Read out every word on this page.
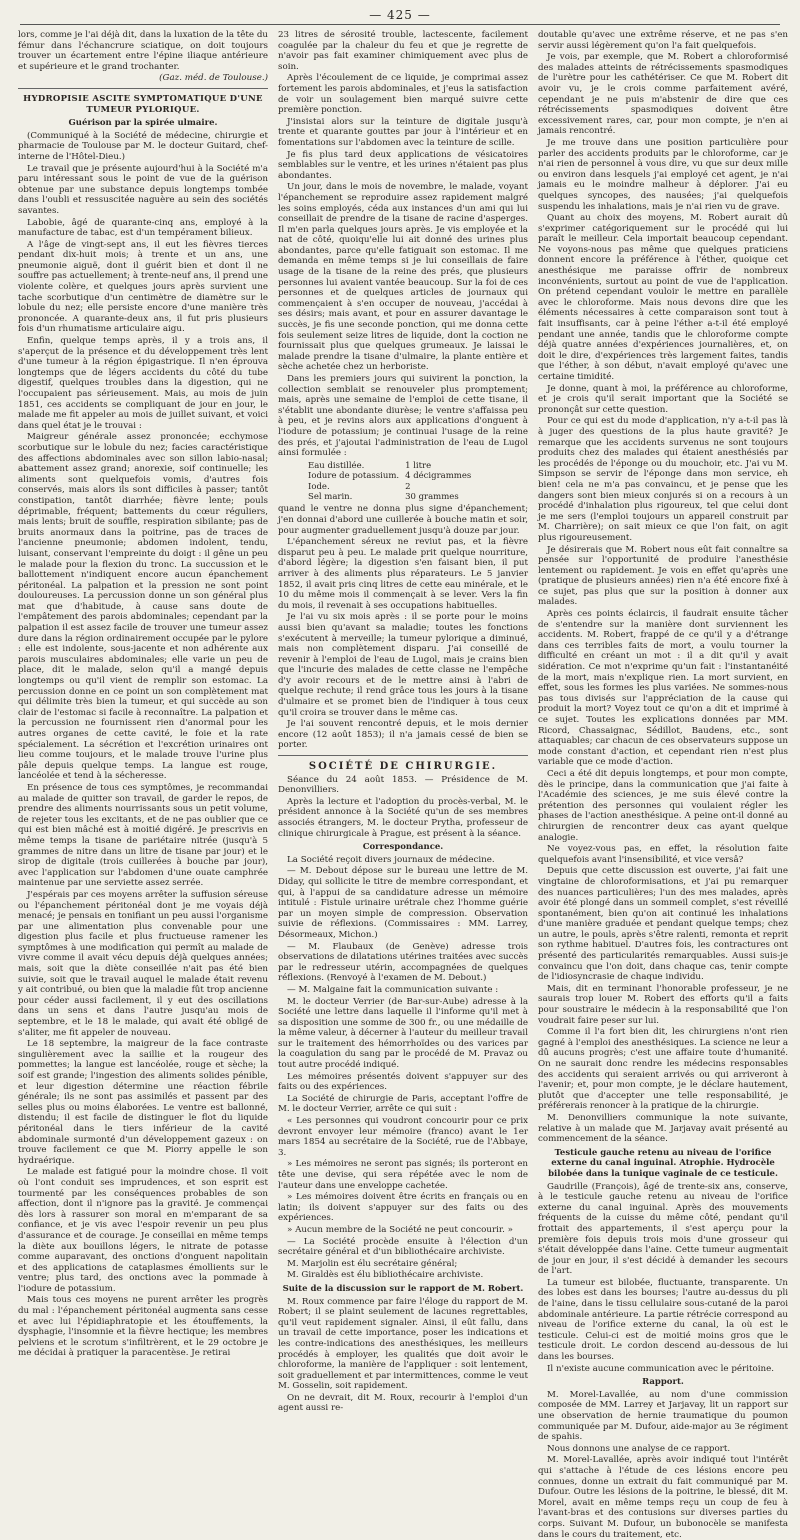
— 425 —

lors, comme je l'ai déjà dit, dans la luxation de la tête du fémur dans l'échancrure sciatique, on doit toujours trouver un écartement entre l'épine iliaque antérieure et supérieure et le grand trochanter.

(Gaz. méd. de Toulouse.)
HYDROPISIE ASCITE SYMPTOMATIQUE D'UNE TUMEUR PYLORIQUE.
Guérison par la spirée ulmaire.

(Communiqué à la Société de médecine, chirurgie et pharmacie de Toulouse par M. le docteur Guitard, chef-interne de l'Hôtel-Dieu.)

Le travail que je présente aujourd'hui à la Société m'a paru intéressant sous le point de vue de la guérison obtenue par une substance depuis longtemps tombée dans l'oubli et ressuscitée naguère au sein des sociétés savantes.

Labobie, âgé de quarante-cinq ans, employé à la manufacture de tabac, est d'un tempérament bilieux.

A l'âge de vingt-sept ans, il eut les fièvres tierces pendant dix-huit mois; à trente et un ans, une pneumonie aiguë, dont il guérit bien et dont il ne souffre pas actuellement; à trente-neuf ans, il prend une violente colère, et quelques jours après survient une tache scorbutique d'un centimètre de diamètre sur le lobule du nez; elle persiste encore d'une manière très prononcée. A quarante-deux ans, il fut pris plusieurs fois d'un rhumatisme articulaire aigu.

Enfin, quelque temps après, il y a trois ans, il s'aperçut de la présence et du développement très lent d'une tumeur à la région épigastrique. Il n'en éprouva longtemps que de légers accidents du côté du tube digestif, quelques troubles dans la digestion, qui ne l'occupaient pas sérieusement. Mais, au mois de juin 1851, ces accidents se compliquant de jour en jour, le malade me fit appeler au mois de juillet suivant, et voici dans quel état je le trouvai :

Maigreur générale assez prononcée; ecchymose scorbutique sur le lobule du nez; facies caractéristique des affections abdominales avec son sillon labio-nasal; abattement assez grand; anorexie, soif continuelle; les aliments sont quelquefois vomis, d'autres fois conservés, mais alors ils sont difficiles à passer; tantôt constipation, tantôt diarrhée; fièvre lente; pouls déprimable, fréquent; battements du cœur réguliers, mais lents; bruit de souffle, respiration sibilante; pas de bruits anormaux dans la poitrine, pas de traces de l'ancienne pneumonie; abdomen indolent, tendu, luisant, conservant l'empreinte du doigt : il gêne un peu le malade pour la flexion du tronc. La succussion et le ballottement n'indiquent encore aucun épanchement péritonéal. La palpation et la pression ne sont point douloureuses. La percussion donne un son général plus mat que d'habitude, à cause sans doute de l'empâtement des parois abdominales; cependant par la palpation il est assez facile de trouver une tumeur assez dure dans la région ordinairement occupée par le pylore : elle est indolente, sous-jacente et non adhérente aux parois musculaires abdominales; elle varie un peu de place, dit le malade, selon qu'il a mangé depuis longtemps ou qu'il vient de remplir son estomac. La percussion donne en ce point un son complètement mat qui délimite très bien la tumeur, et qui succède au son clair de l'estomac si facile à reconnaître. La palpation et la percussion ne fournissent rien d'anormal pour les autres organes de cette cavité, le foie et la rate spécialement. La sécrétion et l'excrétion urinaires ont lieu comme toujours, et le malade trouve l'urine plus pâle depuis quelque temps. La langue est rouge, lancéolée et tend à la sécheresse.

En présence de tous ces symptômes, je recommandai au malade de quitter son travail, de garder le repos, de prendre des aliments nourrissants sous un petit volume, de rejeter tous les excitants, et de ne pas oublier que ce qui est bien mâché est à moitié digéré. Je prescrivis en même temps la tisane de pariétaire nitrée (jusqu'à 5 grammes de nitre dans un litre de tisane par jour) et le sirop de digitale (trois cuillerées à bouche par jour), avec l'application sur l'abdomen d'une ouate camphrée maintenue par une serviette assez serrée.

J'espérais par ces moyens arrêter la suffusion séreuse ou l'épanchement péritonéal dont je me voyais déjà menacé; je pensais en tonifiant un peu aussi l'organisme par une alimentation plus convenable pour une digestion plus facile et plus fructueuse ramener les symptômes à une modification qui permît au malade de vivre comme il avait vécu depuis déjà quelques années; mais, soit que la diète conseillée n'ait pas été bien suivie, soit que le travail auquel le malade était revenu y ait contribué, ou bien que la maladie fût trop ancienne pour céder aussi facilement, il y eut des oscillations dans un sens et dans l'autre jusqu'au mois de septembre, et le 18 le malade, qui avait été obligé de s'aliter, me fit appeler de nouveau.

Le 18 septembre, la maigreur de la face contraste singulièrement avec la saillie et la rougeur des pommettes; la langue est lancéolée, rouge et sèche; la soif est grande; l'ingestion des aliments solides pénible, et leur digestion détermine une réaction fébrile générale; ils ne sont pas assimilés et passent par des selles plus ou moins élaborées. Le ventre est ballonné, distendu; il est facile de distinguer le flot du liquide péritonéal dans le tiers inférieur de la cavité abdominale surmonté d'un développement gazeux : on trouve facilement ce que M. Piorry appelle le son hydraérique.

Le malade est fatigué pour la moindre chose. Il voit où l'ont conduit ses imprudences, et son esprit est tourmenté par les conséquences probables de son affection, dont il n'ignore pas la gravité. Je commençai dès lors à rassurer son moral en m'emparant de sa confiance, et je vis avec l'espoir revenir un peu plus d'assurance et de courage. Je conseillai en même temps la diète aux bouillons légers, le nitrate de potasse comme auparavant, des onctions d'onguent napolitain et des applications de cataplasmes émollients sur le ventre; plus tard, des onctions avec la pommade à l'iodure de potassium.

Mais tous ces moyens ne purent arrêter les progrès du mal : l'épanchement péritonéal augmenta sans cesse et avec lui l'épidiaphratopie et les étouffements, la dysphagie, l'insomnie et la fièvre hectique; les membres pelviens et le scrotum s'infiltrèrent, et le 29 octobre je me décidai à pratiquer la paracentèse. Je retirai

23 litres de sérosité trouble, lactescente, facilement coagulée par la chaleur du feu et que je regrette de n'avoir pas fait examiner chimiquement avec plus de soin.

Après l'écoulement de ce liquide, je comprimai assez fortement les parois abdominales, et j'eus la satisfaction de voir un soulagement bien marqué suivre cette première ponction.

J'insistai alors sur la teinture de digitale jusqu'à trente et quarante gouttes par jour à l'intérieur et en fomentations sur l'abdomen avec la teinture de scille.

Je fis plus tard deux applications de vésicatoires semblables sur le ventre, et les urines n'étaient pas plus abondantes.

Un jour, dans le mois de novembre, le malade, voyant l'épanchement se reproduire assez rapidement malgré les soins employés, céda aux instances d'un ami qui lui conseillait de prendre de la tisane de racine d'asperges. Il m'en parla quelques jours après. Je vis employée et la nat de côté, quoiqu'elle lui ait donné des urines plus abondantes, parce qu'elle fatiguait son estomac. Il me demanda en même temps si je lui conseillais de faire usage de la tisane de la reine des prés, que plusieurs personnes lui avaient vantée beaucoup. Sur la foi de ces personnes et de quelques articles de journaux qui commençaient à s'en occuper de nouveau, j'accédai à ses désirs; mais avant, et pour en assurer davantage le succès, je fis une seconde ponction, qui me donna cette fois seulement seize litres de liquide, dont la coction ne fournissait plus que quelques grumeaux. Je laissai le malade prendre la tisane d'ulmaire, la plante entière et sèche achetée chez un herboriste.

Dans les premiers jours qui suivirent la ponction, la collection semblait se renouveler plus promptement; mais, après une semaine de l'emploi de cette tisane, il s'établit une abondante diurèse; le ventre s'affaissa peu à peu, et je revins alors aux applications d'onguent à l'iodure de potassium; je continuai l'usage de la reine des prés, et j'ajoutai l'administration de l'eau de Lugol ainsi formulée :

Eau distillée.	1 litre
Iodure de potassium.	4 décigrammes
Iode.	2
Sel marin.	30 grammes

quand le ventre ne donna plus signe d'épanchement; j'en donnai d'abord une cuillerée à bouche matin et soir, pour augmenter graduellement jusqu'à douze par jour.

L'épanchement séreux ne reviut pas, et la fièvre disparut peu à peu. Le malade prit quelque nourriture, d'abord légère; la digestion s'en faisant bien, il put arriver à des aliments plus réparateurs. Le 5 janvier 1852, il avait pris cinq litres de cette eau minérale, et le 10 du même mois il commençait à se lever. Vers la fin du mois, il revenait à ses occupations habituelles.

Je l'ai vu six mois après : il se porte pour le moins aussi bien qu'avant sa maladie; toutes les fonctions s'exécutent à merveille; la tumeur pylorique a diminué, mais non complètement disparu. J'ai conseillé de revenir à l'emploi de l'eau de Lugol, mais je crains bien que l'incurie des malades de cette classe ne l'empêche d'y avoir recours et de le mettre ainsi à l'abri de quelque rechute; il rend grâce tous les jours à la tisane d'ulmaire et se promet bien de l'indiquer à tous ceux qu'il croira se trouver dans le même cas.

Je l'ai souvent rencontré depuis, et le mois dernier encore (12 août 1853); il n'a jamais cessé de bien se porter.

SOCIÉTÉ DE CHIRURGIE.

Séance du 24 août 1853. — Présidence de M. Denonvilliers.

Après la lecture et l'adoption du procès-verbal, M. le président annonce à la Société qu'un de ses membres associés étrangers, M. le docteur Prytha, professeur de clinique chirurgicale à Prague, est présent à la séance.

Correspondance.

La Société reçoit divers journaux de médecine.

— M. Debout dépose sur le bureau une lettre de M. Diday, qui sollicite le titre de membre correspondant, et qui, à l'appui de sa candidature adresse un mémoire intitulé : Fistule urinaire urétrale chez l'homme guérie par un moyen simple de compression. Observation suivie de réflexions. (Commissaires : MM. Larrey, Désormeaux, Michon.)

— M. Flaubaux (de Genève) adresse trois observations de dilatations utérines traitées avec succès par le redresseur utérin, accompagnées de quelques réflexions. (Renvoyé à l'examen de M. Debout.)

— M. Malgaine fait la communication suivante :

M. le docteur Verrier (de Bar-sur-Aube) adresse à la Société une lettre dans laquelle il l'informe qu'il met à sa disposition une somme de 300 fr., ou une médaille de la même valeur, à décerner à l'auteur du meilleur travail sur le traitement des hémorrhoïdes ou des varices par la coagulation du sang par le procédé de M. Pravaz ou tout autre procédé indiqué.

Les mémoires présentés doivent s'appuyer sur des faits ou des expériences.

La Société de chirurgie de Paris, acceptant l'offre de M. le docteur Verrier, arrête ce qui suit :

« Les personnes qui voudront concourir pour ce prix devront envoyer leur mémoire (franco) avant le 1er mars 1854 au secrétaire de la Société, rue de l'Abbaye, 3.

» Les mémoires ne seront pas signés; ils porteront en tête une devise, qui sera répétée avec le nom de l'auteur dans une enveloppe cachetée.

» Les mémoires doivent être écrits en français ou en latin; ils doivent s'appuyer sur des faits ou des expériences.

» Aucun membre de la Société ne peut concourir. »

— La Société procède ensuite à l'élection d'un secrétaire général et d'un bibliothécaire archiviste.

M. Marjolin est élu secrétaire général;

M. Giraldès est élu bibliothécaire archiviste.

Suite de la discussion sur le rapport de M. Robert.

M. Roux commence par faire l'éloge du rapport de M. Robert; il se plaint seulement de lacunes regrettables, qu'il veut rapidement signaler. Ainsi, il eût fallu, dans un travail de cette importance, poser les indications et les contre-indications des anesthésiques, les meilleurs procédés à employer, les qualités que doit avoir le chloroforme, la manière de l'appliquer : soit lentement, soit graduellement et par intermittences, comme le veut M. Gosselin, soit rapidement.

On ne devrait, dit M. Roux, recourir à l'emploi d'un agent aussi re-

doutable qu'avec une extrême réserve, et ne pas s'en servir aussi légèrement qu'on l'a fait quelquefois.

Je vois, par exemple, que M. Robert a chloroformisé des malades atteints de rétrécissements spasmodiques de l'urètre pour les cathétériser. Ce que M. Robert dit avoir vu, je le crois comme parfaitement avéré, cependant je ne puis m'abstenir de dire que ces rétrécissements spasmodiques doivent être excessivement rares, car, pour mon compte, je n'en ai jamais rencontré.

Je me trouve dans une position particulière pour parler des accidents produits par le chloroforme, car je n'ai rien de personnel à vous dire, vu que sur deux mille ou environ dans lesquels j'ai employé cet agent, je n'ai jamais eu le moindre malheur à déplorer. J'ai eu quelques syncopes, des nausées; j'ai quelquefois suspendu les inhalations, mais je n'ai rien vu de grave.

Quant au choix des moyens, M. Robert aurait dû s'exprimer catégoriquement sur le procédé qui lui paraît le meilleur. Cela importait beaucoup cependant. Ne voyons-nous pas même que quelques praticiens donnent encore la préférence à l'éther, quoique cet anesthésique me paraisse offrir de nombreux inconvénients, surtout au point de vue de l'application. On prétend cependant vouloir le mettre en parallèle avec le chloroforme. Mais nous devons dire que les éléments nécessaires à cette comparaison sont tout à fait insuffisants, car à peine l'éther a-t-il été employé pendant une année, tandis que le chloroforme compte déjà quatre années d'expériences journalières, et, on doit le dire, d'expériences très largement faites, tandis que l'éther, à son début, n'avait employé qu'avec une certaine timidité.

Je donne, quant à moi, la préférence au chloroforme, et je crois qu'il serait important que la Société se prononçât sur cette question.

Pour ce qui est du mode d'application, n'y a-t-il pas là à juger des questions de la plus haute gravité? Je remarque que les accidents survenus ne sont toujours produits chez des malades qui étaient anesthésiés par les procédés de l'éponge ou du mouchoir, etc. J'ai vu M. Simpson se servir de l'éponge dans mon service, eh bien! cela ne m'a pas convaincu, et je pense que les dangers sont bien mieux conjurés si on a recours à un procédé d'inhalation plus rigoureux, tel que celui dont je me sers (l'emploi toujours un appareil construit par M. Charrière); on sait mieux ce que l'on fait, on agit plus rigoureusement.

Je désirerais que M. Robert nous eût fait connaître sa pensée sur l'opportunité de produire l'anesthésie lentement ou rapidement. Je vois en effet qu'après une (pratique de plusieurs années) rien n'a été encore fixé à ce sujet, pas plus que sur la position à donner aux malades.

Après ces points éclaircis, il faudrait ensuite tâcher de s'entendre sur la manière dont surviennent les accidents. M. Robert, frappé de ce qu'il y a d'étrange dans ces terribles faits de mort, a voulu tourner la difficulté en créant un mot : il a dit qu'il y avait sidération. Ce mot n'exprime qu'un fait : l'instantanéité de la mort, mais n'explique rien. La mort survient, en effet, sous les formes les plus variées. Ne sommes-nous pas tous divisés sur l'appréciation de la cause qui produit la mort? Voyez tout ce qu'on a dit et imprimé à ce sujet. Toutes les explications données par MM. Ricord, Chassaignac, Sédillot, Baudens, etc., sont attaquables; car chacun de ces observateurs suppose un mode constant d'action, et cependant rien n'est plus variable que ce mode d'action.

Ceci a été dit depuis longtemps, et pour mon compte, dès le principe, dans la communication que j'ai faite à l'Académie des sciences, je me suis élevé contre la prétention des personnes qui voulaient régler les phases de l'action anesthésique. A peine ont-il donné au chirurgien de rencontrer deux cas ayant quelque analogie.

Ne voyez-vous pas, en effet, la résolution faite quelquefois avant l'insensibilité, et vice versâ?

Depuis que cette discussion est ouverte, j'ai fait une vingtaine de chloroformisations, et j'ai pu remarquer des nuances particulières; l'un des mes malades, après avoir été plongé dans un sommeil complet, s'est réveillé spontanément, bien qu'on ait continué les inhalations d'une manière graduée et pendant quelque temps; chez un autre, le pouls, après s'être ralenti, remonta et reprit son rythme habituel. D'autres fois, les contractures ont présenté des particularités remarquables. Aussi suis-je convaincu que l'on doit, dans chaque cas, tenir compte de l'idiosyncrasie de chaque individu.

Mais, dit en terminant l'honorable professeur, je ne saurais trop louer M. Robert des efforts qu'il a faits pour soustraire le médecin à la responsabilité que l'on voudrait faire peser sur lui.

Comme il l'a fort bien dit, les chirurgiens n'ont rien gagné à l'emploi des anesthésiques. La science ne leur a dû aucuns progrès; c'est une affaire toute d'humanité. On ne saurait donc rendre les médecins responsables des accidents qui seraient arrivés ou qui arriveront à l'avenir; et, pour mon compte, je le déclare hautement, plutôt que d'accepter une telle responsabilité, je préférerais renoncer à la pratique de la chirurgie.

M. Denonvilliers communique la note suivante, relative à un malade que M. Jarjavay avait présenté au commencement de la séance.

Testicule gauche retenu au niveau de l'orifice externe du canal inguinal. Atrophie. Hydrocèle bilobée dans la tunique vaginale de ce testicule.

Gaudrille (François), âgé de trente-six ans, conserve, à le testicule gauche retenu au niveau de l'orifice externe du canal inguinal. Après des mouvements fréquents de la cuisse du même côté, pendant qu'il frottait des appartements, il s'est aperçu pour la première fois depuis trois mois d'une grosseur qui s'était développée dans l'aine. Cette tumeur augmentait de jour en jour, il s'est décidé à demander les secours de l'art.

La tumeur est bilobée, fluctuante, transparente. Un des lobes est dans les bourses; l'autre au-dessus du pli de l'aine, dans le tissu cellulaire sous-cutané de la paroi abdominale antérieure. La partie rétrécie correspond au niveau de l'orifice externe du canal, la où est le testicule. Celui-ci est de moitié moins gros que le testicule droit. Le cordon descend au-dessous de lui dans les bourses.

Il n'existe aucune communication avec le péritoine.

Rapport.

M. Morel-Lavallée, au nom d'une commission composée de MM. Larrey et Jarjavay, lit un rapport sur une observation de hernie traumatique du poumon communiquée par M. Dufour, aide-major au 3e régiment de spahis.

Nous donnons une analyse de ce rapport.

M. Morel-Lavallée, après avoir indiqué tout l'intérêt qui s'attache à l'étude de ces lésions encore peu connues, donne un extrait du fait communiqué par M. Dufour. Outre les lésions de la poitrine, le blessé, dit M. Morel, avait en même temps reçu un coup de feu à l'avant-bras et des contusions sur diverses parties du corps. Suivant M. Dufour, un bubonocèle se manifesta dans le cours du traitement, etc.
